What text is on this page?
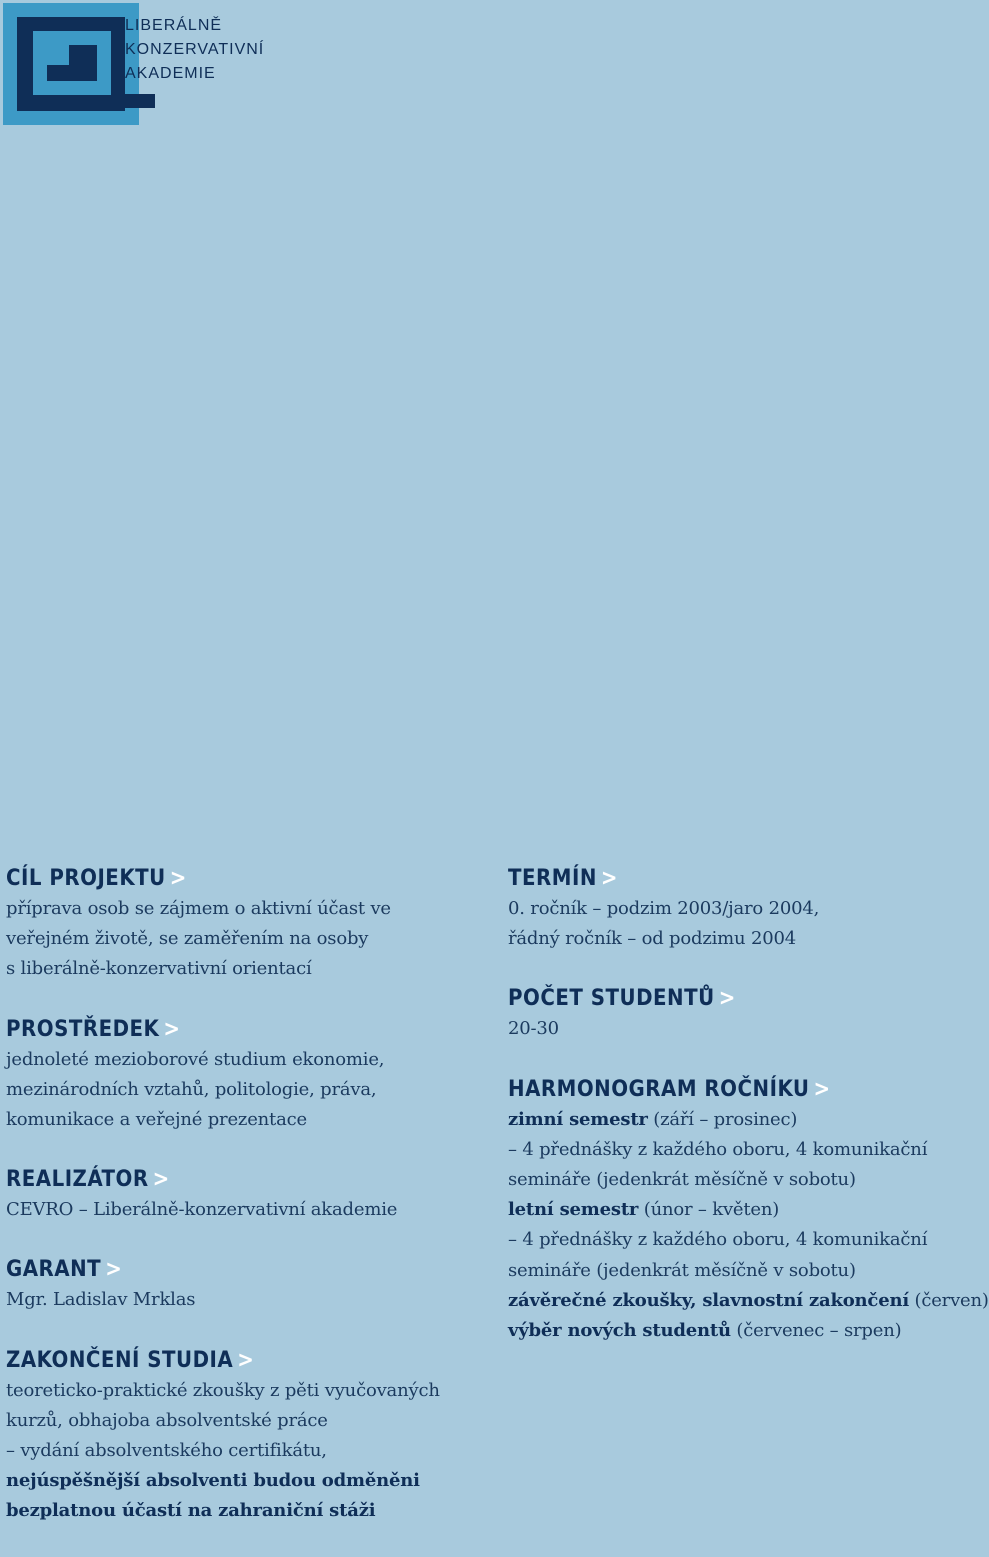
LIBERÁLNĚ
KONZERVATIVNÍ
AKADEMIE
CÍL PROJEKTU >
příprava osob se zájmem o aktivní účast ve
veřejném životě, se zaměřením na osoby
s liberálně-konzervativní orientací
PROSTŘEDEK >
jednoleté mezioborové studium ekonomie,
mezinárodních vztahů, politologie, práva,
komunikace a veřejné prezentace
REALIZÁTOR >
CEVRO – Liberálně-konzervativní akademie
GARANT >
Mgr. Ladislav Mrklas
ZAKONČENÍ STUDIA >
teoreticko-praktické zkoušky z pěti vyučovaných
kurzů, obhajoba absolventské práce
– vydání absolventského certifikátu,
nejúspěšnější absolventi budou odměněni
bezplatnou účastí na zahraniční stáži
TERMÍN >
0. ročník – podzim 2003/jaro 2004,
řádný ročník – od podzimu 2004
POČET STUDENTŮ >
20-30
HARMONOGRAM ROČNÍKU >
zimní semestr (září – prosinec)
– 4 přednášky z každého oboru, 4 komunikační
semináře (jedenkrát měsíčně v sobotu)
letní semestr (únor – květen)
– 4 přednášky z každého oboru, 4 komunikační
semináře (jedenkrát měsíčně v sobotu)
závěrečné zkoušky, slavnostní zakončení (červen)
výběr nových studentů (červenec – srpen)
